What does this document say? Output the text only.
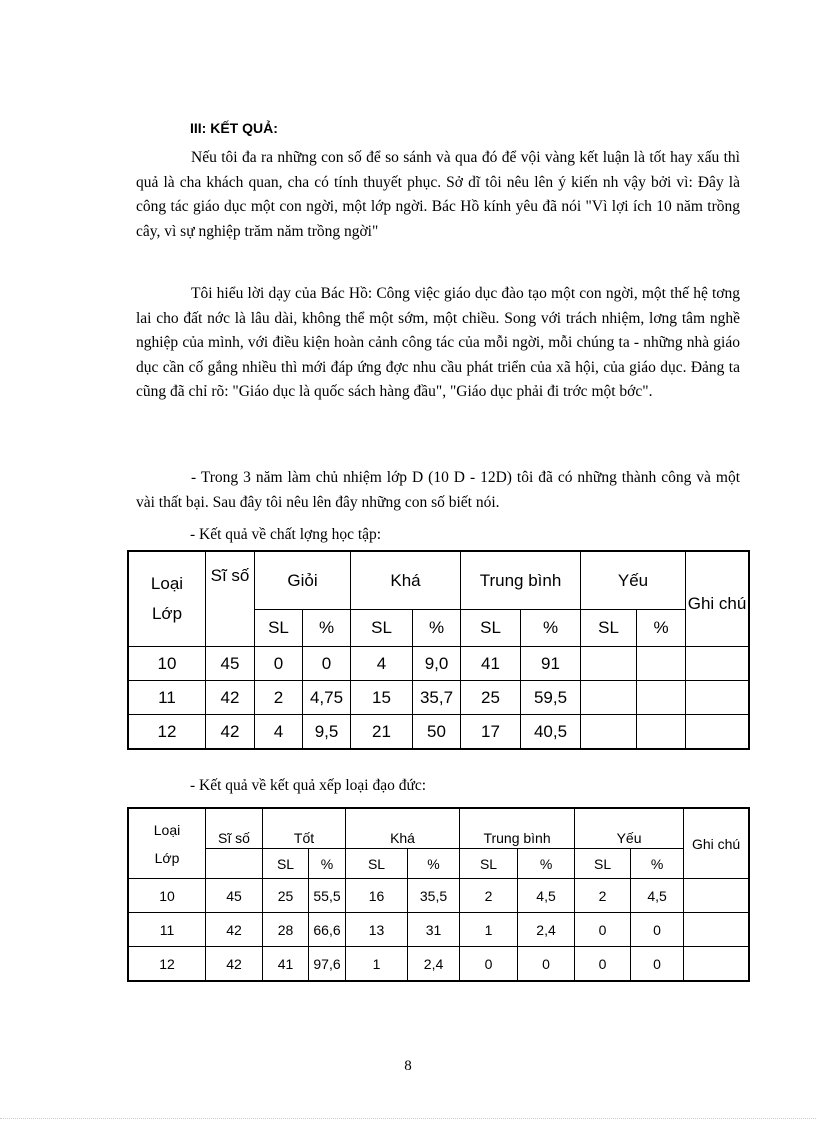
III: KẾT QUẢ:

Nếu tôi đa ra những con số để so sánh và qua đó để vội vàng kết luận là tốt hay xấu thì quả là cha khách quan, cha có tính thuyết phục. Sở dĩ tôi nêu lên ý kiến nh vậy bởi vì: Đây là công tác giáo dục một con ngời, một lớp ngời. Bác Hồ kính yêu đã nói "Vì lợi ích 10 năm trồng cây, vì sự nghiệp trăm năm trồng ngời"

Tôi hiểu lời dạy của Bác Hồ: Công việc giáo dục đào tạo một con ngời, một thế hệ tơng lai cho đất nớc là lâu dài, không thể một sớm, một chiều. Song với trách nhiệm, lơng tâm nghề nghiệp của mình, với điều kiện hoàn cảnh công tác của mỗi ngời, mỗi chúng ta - những nhà giáo dục cần cố gắng nhiều thì mới đáp ứng đợc nhu cầu phát triển của xã hội, của giáo dục. Đảng ta cũng đã chỉ rõ: "Giáo dục là quốc sách hàng đầu", "Giáo dục phải đi trớc một bớc".

- Trong 3 năm làm chủ nhiệm lớp D (10 D - 12D) tôi đã có những thành công và một vài thất bại. Sau đây tôi nêu lên đây những con số biết nói.

- Kết quả về chất lợng học tập:
Loại
Lớp	Sĩ số	Giỏi		Khá		Trung bình		Yếu		Ghi chú
		SL	%	SL	%	SL	%	SL	%	
10	45	0	0	4	9,0	41	91			
11	42	2	4,75	15	35,7	25	59,5			
12	42	4	9,5	21	50	17	40,5			
- Kết quả về kết quả xếp loại đạo đức:
Loại
Lớp	Sĩ số	Tốt		Khá		Trung bình		Yếu		Ghi chú
		SL	%	SL	%	SL	%	SL	%	
10	45	25	55,5	16	35,5	2	4,5	2	4,5	
11	42	28	66,6	13	31	1	2,4	0	0	
12	42	41	97,6	1	2,4	0	0	0	0	
8
